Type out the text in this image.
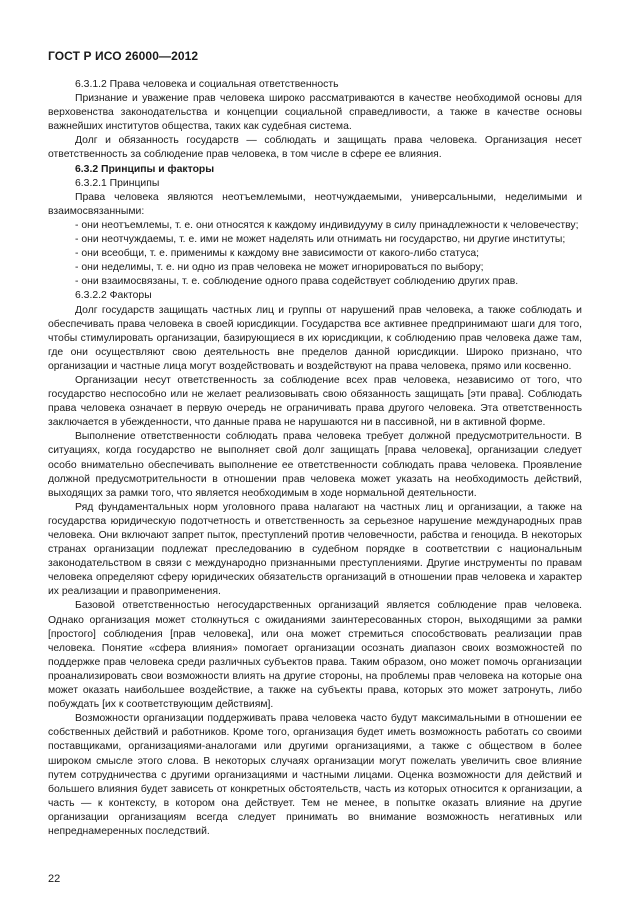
ГОСТ Р ИСО 26000—2012

6.3.1.2 Права человека и социальная ответственность

Признание и уважение прав человека широко рассматриваются в качестве необходимой основы для верховенства законодательства и концепции социальной справедливости, а также в качестве основы важнейших институтов общества, таких как судебная система.

Долг и обязанность государств — соблюдать и защищать права человека. Организация несет ответственность за соблюдение прав человека, в том числе в сфере ее влияния.

6.3.2 Принципы и факторы

6.3.2.1 Принципы

Права человека являются неотъемлемыми, неотчуждаемыми, универсальными, неделимыми и взаимосвязанными:

- они неотъемлемы, т. е. они относятся к каждому индивидууму в силу принадлежности к человечеству;

- они неотчуждаемы, т. е. ими не может наделять или отнимать ни государство, ни другие институты;

- они всеобщи, т. е. применимы к каждому вне зависимости от какого-либо статуса;

- они неделимы, т. е. ни одно из прав человека не может игнорироваться по выбору;

- они взаимосвязаны, т. е. соблюдение одного права содействует соблюдению других прав.

6.3.2.2 Факторы

Долг государств защищать частных лиц и группы от нарушений прав человека, а также соблюдать и обеспечивать права человека в своей юрисдикции. Государства все активнее предпринимают шаги для того, чтобы стимулировать организации, базирующиеся в их юрисдикции, к соблюдению прав человека даже там, где они осуществляют свою деятельность вне пределов данной юрисдикции. Широко признано, что организации и частные лица могут воздействовать и воздействуют на права человека, прямо или косвенно.

Организации несут ответственность за соблюдение всех прав человека, независимо от того, что государство неспособно или не желает реализовывать свою обязанность защищать [эти права]. Соблюдать права человека означает в первую очередь не ограничивать права другого человека. Эта ответственность заключается в убежденности, что данные права не нарушаются ни в пассивной, ни в активной форме.

Выполнение ответственности соблюдать права человека требует должной предусмотрительности. В ситуациях, когда государство не выполняет свой долг защищать [права человека], организации следует особо внимательно обеспечивать выполнение ее ответственности соблюдать права человека. Проявление должной предусмотрительности в отношении прав человека может указать на необходимость действий, выходящих за рамки того, что является необходимым в ходе нормальной деятельности.

Ряд фундаментальных норм уголовного права налагают на частных лиц и организации, а также на государства юридическую подотчетность и ответственность за серьезное нарушение международных прав человека. Они включают запрет пыток, преступлений против человечности, рабства и геноцида. В некоторых странах организации подлежат преследованию в судебном порядке в соответствии с национальным законодательством в связи с международно признанными преступлениями. Другие инструменты по правам человека определяют сферу юридических обязательств организаций в отношении прав человека и характер их реализации и правоприменения.

Базовой ответственностью негосударственных организаций является соблюдение прав человека. Однако организация может столкнуться с ожиданиями заинтересованных сторон, выходящими за рамки [простого] соблюдения [прав человека], или она может стремиться способствовать реализации прав человека. Понятие «сфера влияния» помогает организации осознать диапазон своих возможностей по поддержке прав человека среди различных субъектов права. Таким образом, оно может помочь организации проанализировать свои возможности влиять на другие стороны, на проблемы прав человека на которые она может оказать наибольшее воздействие, а также на субъекты права, которых это может затронуть, либо побуждать [их к соответствующим действиям].

Возможности организации поддерживать права человека часто будут максимальными в отношении ее собственных действий и работников. Кроме того, организация будет иметь возможность работать со своими поставщиками, организациями-аналогами или другими организациями, а также с обществом в более широком смысле этого слова. В некоторых случаях организации могут пожелать увеличить свое влияние путем сотрудничества с другими организациями и частными лицами. Оценка возможности для действий и большего влияния будет зависеть от конкретных обстоятельств, часть из которых относится к организации, а часть — к контексту, в котором она действует. Тем не менее, в попытке оказать влияние на другие организации организациям всегда следует принимать во внимание возможность негативных или непреднамеренных последствий.

22
